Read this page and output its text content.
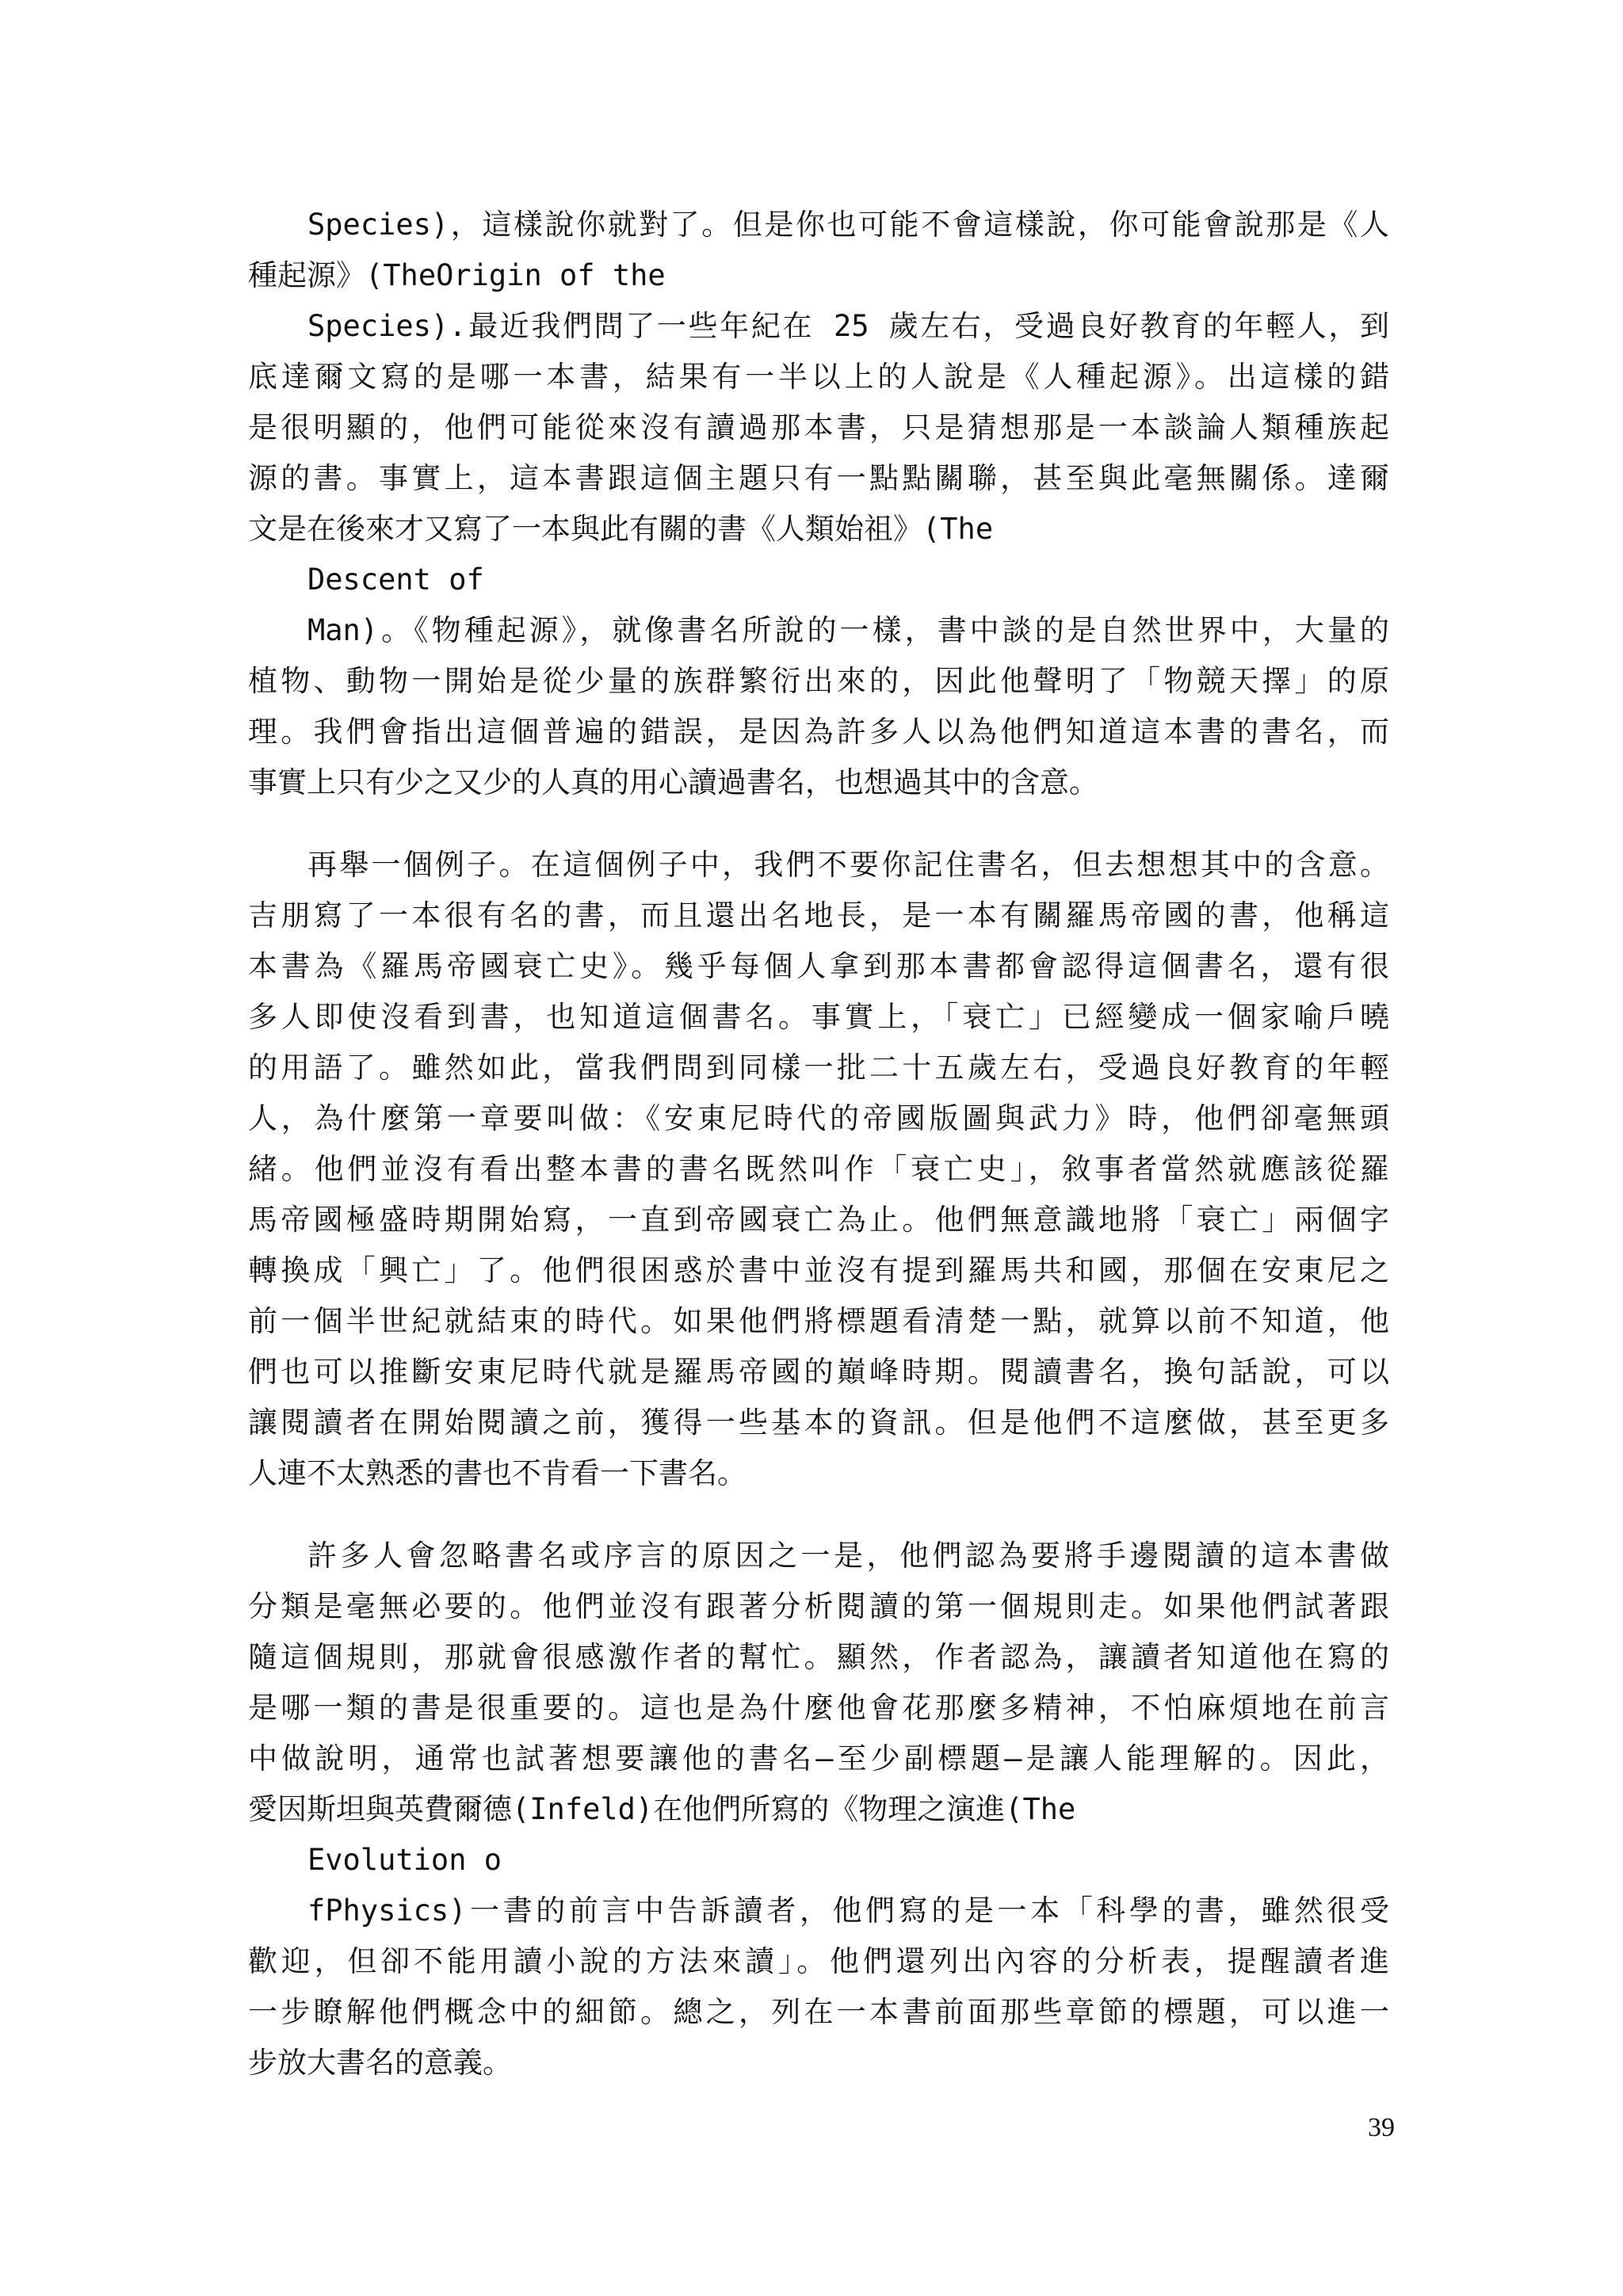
Species)，這樣說你就對了。但是你也可能不會這樣說，你可能會說那是《人
種起源》(TheOrigin of the
Species).最近我們問了一些年紀在 25 歲左右，受過良好教育的年輕人，到
底達爾文寫的是哪一本書，結果有一半以上的人說是《人種起源》。出這樣的錯
是很明顯的，他們可能從來沒有讀過那本書，只是猜想那是一本談論人類種族起
源的書。事實上，這本書跟這個主題只有一點點關聯，甚至與此毫無關係。達爾
文是在後來才又寫了一本與此有關的書《人類始祖》(The
Descent of
Man)。《物種起源》，就像書名所說的一樣，書中談的是自然世界中，大量的
植物、動物一開始是從少量的族群繁衍出來的，因此他聲明了「物競天擇」的原
理。我們會指出這個普遍的錯誤，是因為許多人以為他們知道這本書的書名，而
事實上只有少之又少的人真的用心讀過書名，也想過其中的含意。
再舉一個例子。在這個例子中，我們不要你記住書名，但去想想其中的含意。
吉朋寫了一本很有名的書，而且還出名地長，是一本有關羅馬帝國的書，他稱這
本書為《羅馬帝國衰亡史》。幾乎每個人拿到那本書都會認得這個書名，還有很
多人即使沒看到書，也知道這個書名。事實上，「衰亡」已經變成一個家喻戶曉
的用語了。雖然如此，當我們問到同樣一批二十五歲左右，受過良好教育的年輕
人，為什麼第一章要叫做：《安東尼時代的帝國版圖與武力》時，他們卻毫無頭
緒。他們並沒有看出整本書的書名既然叫作「衰亡史」，敘事者當然就應該從羅
馬帝國極盛時期開始寫，一直到帝國衰亡為止。他們無意識地將「衰亡」兩個字
轉換成「興亡」了。他們很困惑於書中並沒有提到羅馬共和國，那個在安東尼之
前一個半世紀就結束的時代。如果他們將標題看清楚一點，就算以前不知道，他
們也可以推斷安東尼時代就是羅馬帝國的巔峰時期。閱讀書名，換句話說，可以
讓閱讀者在開始閱讀之前，獲得一些基本的資訊。但是他們不這麼做，甚至更多
人連不太熟悉的書也不肯看一下書名。
許多人會忽略書名或序言的原因之一是，他們認為要將手邊閱讀的這本書做
分類是毫無必要的。他們並沒有跟著分析閱讀的第一個規則走。如果他們試著跟
隨這個規則，那就會很感激作者的幫忙。顯然，作者認為，讓讀者知道他在寫的
是哪一類的書是很重要的。這也是為什麼他會花那麼多精神，不怕麻煩地在前言
中做說明，通常也試著想要讓他的書名—至少副標題—是讓人能理解的。因此，
愛因斯坦與英費爾德(Infeld)在他們所寫的《物理之演進(The
Evolution o
fPhysics)一書的前言中告訴讀者，他們寫的是一本「科學的書，雖然很受
歡迎，但卻不能用讀小說的方法來讀」。他們還列出內容的分析表，提醒讀者進
一步瞭解他們概念中的細節。總之，列在一本書前面那些章節的標題，可以進一
步放大書名的意義。
39
